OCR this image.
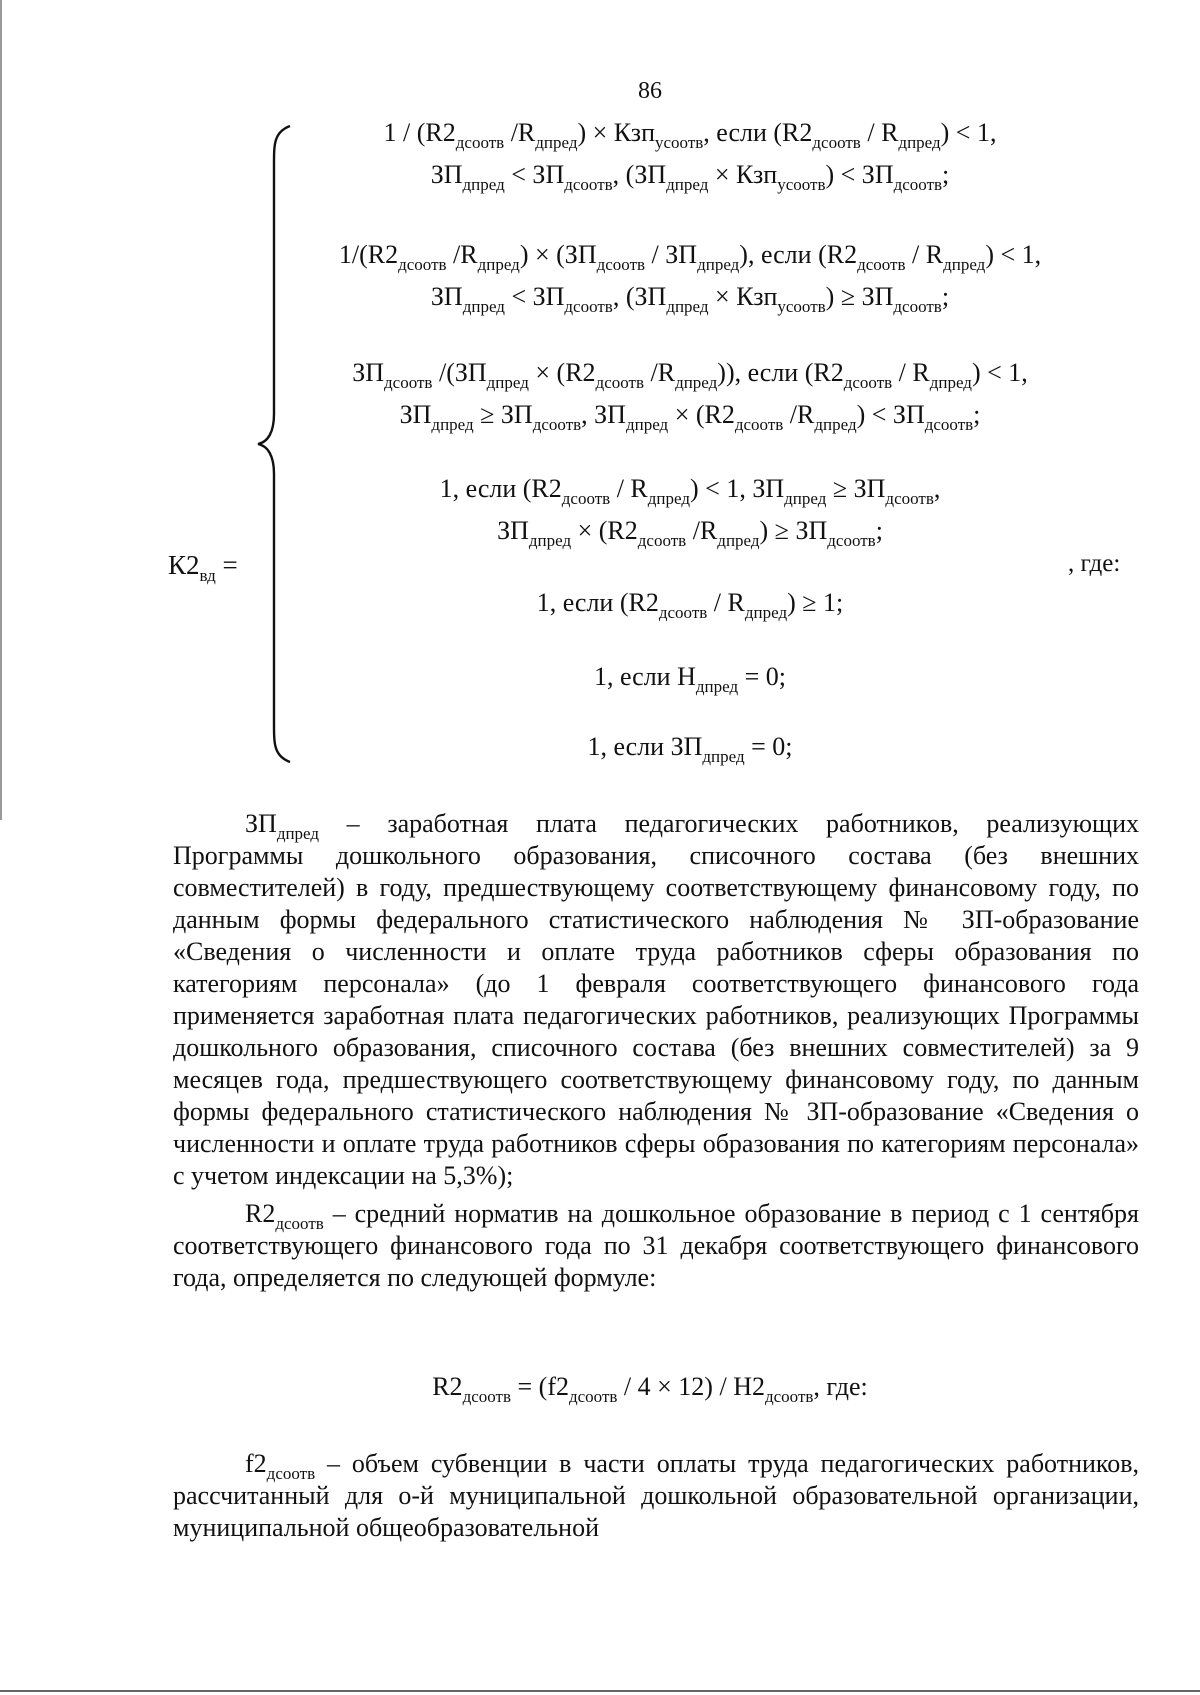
86
$К2_{вд}$ =	, где:
$1 / (R2_{дсоотв}$ $/R_{дпред}) \times Кзп_{усоотв}$, если $(R2_{дсоотв} / R_{дпред}) < 1$,
$ЗП_{дпред} < ЗП_{дсоотв}$, $(ЗП_{дпред} \times Кзп_{усоотв}) < ЗП_{дсоотв}$;
$1/(R2_{дсоотв}$ $/R_{дпред}) \times (ЗП_{дсоотв} / ЗП_{дпред})$, если $(R2_{дсоотв} / R_{дпред}) < 1$,
$ЗП_{дпред} < ЗП_{дсоотв}$, $(ЗП_{дпред} \times Кзп_{усоотв}) \ge ЗП_{дсоотв}$;
$ЗП_{дсоотв}$ $/(ЗП_{дпред} \times (R2_{дсоотв}$ $/R_{дпред}$)), если $(R2_{дсоотв} / R_{дпред}) < 1$,
$ЗП_{дпред} \ge ЗП_{дсоотв}$, $ЗП_{дпред} \times (R2_{дсоотв}$ $/R_{дпред}) < ЗП_{дсоотв}$;
1, если $(R2_{дсоотв} / R_{дпред}) < 1$, $ЗП_{дпред} \ge ЗП_{дсоотв}$,
$ЗП_{дпред} \times (R2_{дсоотв}$ $/R_{дпред}) \ge ЗП_{дсоотв}$;
1, если $(R2_{дсоотв} / R_{дпред}) \ge 1$;
1, если $Н_{дпред} = 0$;
1, если $ЗП_{дпред} = 0$;

$ЗП_{дпред}$ – заработная плата педагогических работников, реализующих Программы дошкольного образования, списочного состава (без внешних совместителей) в году, предшествующему соответствующему финансовому году, по данным формы федерального статистического наблюдения № ЗП-образование «Сведения о численности и оплате труда работников сферы образования по категориям персонала» (до 1 февраля соответствующего финансового года применяется заработная плата педагогических работников, реализующих Программы дошкольного образования, списочного состава (без внешних совместителей) за 9 месяцев года, предшествующего соответствующему финансовому году, по данным формы федерального статистического наблюдения № ЗП-образование «Сведения о численности и оплате труда работников сферы образования по категориям персонала» с учетом индексации на 5,3%);

$R2_{дсоотв}$ – средний норматив на дошкольное образование в период с 1 сентября соответствующего финансового года по 31 декабря соответствующего финансового года, определяется по следующей формуле:

$R2_{дсоотв} = (f2_{дсоотв} / 4 \times 12) / Н2_{дсоотв}$, где:

$f2_{дсоотв}$ – объем субвенции в части оплаты труда педагогических работников, рассчитанный для о-й муниципальной дошкольной образовательной организации, муниципальной общеобразовательной
